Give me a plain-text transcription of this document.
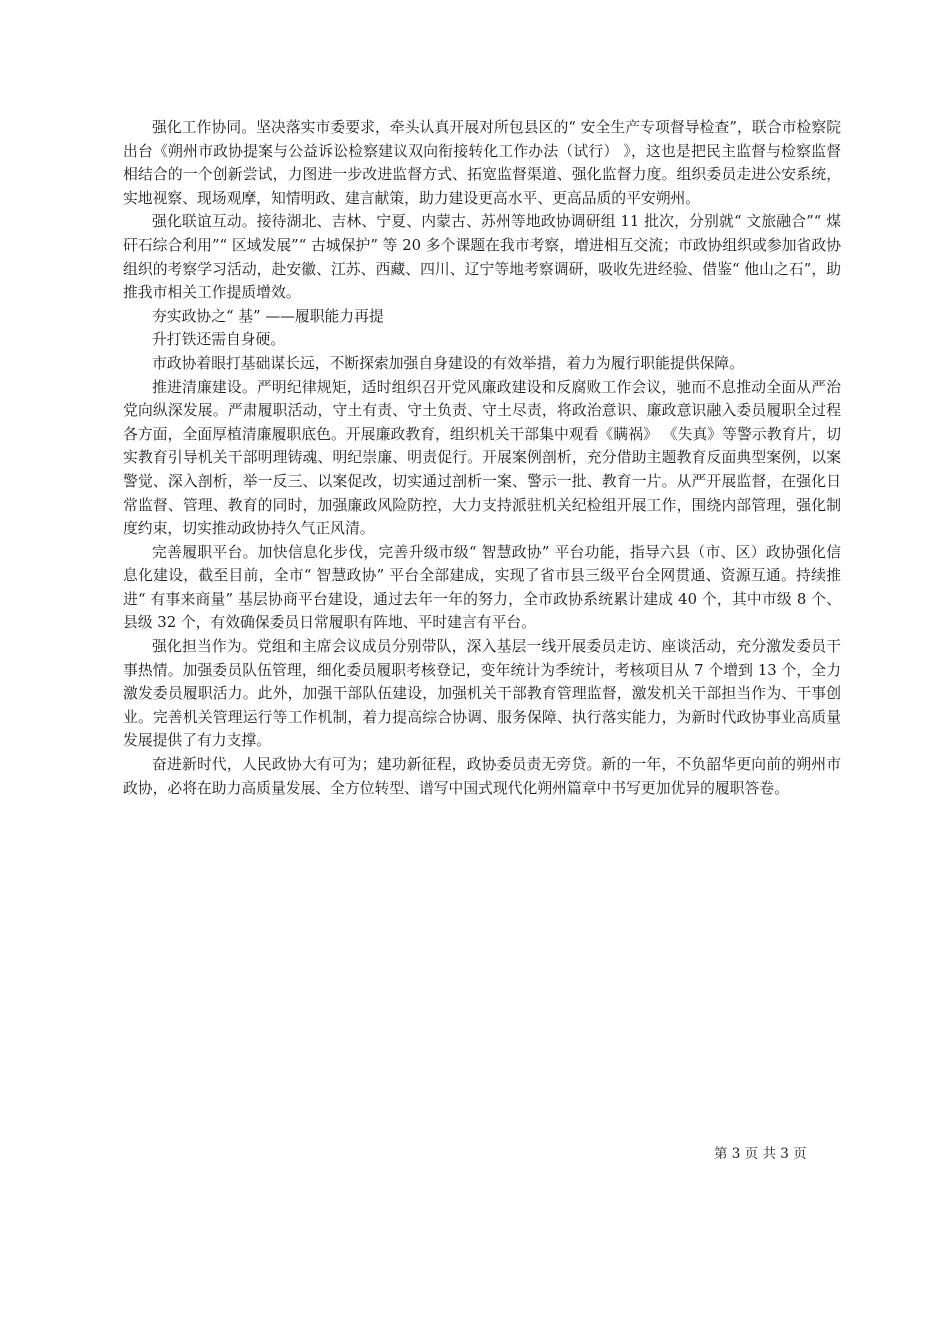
强化工作协同。坚决落实市委要求，牵头认真开展对所包县区的“ 安全生产专项督导检查”，联合市检察院出台《朔州市政协提案与公益诉讼检察建议双向衔接转化工作办法（试行） 》，这也是把民主监督与检察监督相结合的一个创新尝试，力图进一步改进监督方式、拓宽监督渠道、强化监督力度。组织委员走进公安系统，实地视察、现场观摩，知情明政、建言献策，助力建设更高水平、更高品质的平安朔州。

强化联谊互动。接待湖北、吉林、宁夏、内蒙古、苏州等地政协调研组 11 批次，分别就“ 文旅融合”“ 煤矸石综合利用”“ 区域发展”“ 古城保护” 等 20 多个课题在我市考察，增进相互交流；市政协组织或参加省政协组织的考察学习活动，赴安徽、江苏、西藏、四川、辽宁等地考察调研，吸收先进经验、借鉴“ 他山之石”，助推我市相关工作提质增效。

夯实政协之“ 基” ——履职能力再提

升打铁还需自身硬。

市政协着眼打基础谋长远，不断探索加强自身建设的有效举措，着力为履行职能提供保障。

推进清廉建设。严明纪律规矩，适时组织召开党风廉政建设和反腐败工作会议，驰而不息推动全面从严治党向纵深发展。严肃履职活动，守土有责、守土负责、守土尽责，将政治意识、廉政意识融入委员履职全过程各方面，全面厚植清廉履职底色。开展廉政教育，组织机关干部集中观看《瞒祸》 《失真》等警示教育片，切实教育引导机关干部明理铸魂、明纪崇廉、明责促行。开展案例剖析，充分借助主题教育反面典型案例，以案警觉、深入剖析，举一反三、以案促改，切实通过剖析一案、警示一批、教育一片。从严开展监督，在强化日常监督、管理、教育的同时，加强廉政风险防控，大力支持派驻机关纪检组开展工作，围绕内部管理，强化制度约束，切实推动政协持久气正风清。

完善履职平台。加快信息化步伐，完善升级市级“ 智慧政协” 平台功能，指导六县（市、区）政协强化信息化建设，截至目前，全市“ 智慧政协” 平台全部建成，实现了省市县三级平台全网贯通、资源互通。持续推进“ 有事来商量” 基层协商平台建设，通过去年一年的努力，全市政协系统累计建成 40 个，其中市级 8 个、县级 32 个，有效确保委员日常履职有阵地、平时建言有平台。

强化担当作为。党组和主席会议成员分别带队，深入基层一线开展委员走访、座谈活动，充分激发委员干事热情。加强委员队伍管理，细化委员履职考核登记，变年统计为季统计，考核项目从 7 个增到 13 个，全力激发委员履职活力。此外，加强干部队伍建设，加强机关干部教育管理监督，激发机关干部担当作为、干事创业。完善机关管理运行等工作机制，着力提高综合协调、服务保障、执行落实能力，为新时代政协事业高质量发展提供了有力支撑。

奋进新时代，人民政协大有可为；建功新征程，政协委员责无旁贷。新的一年，不负韶华更向前的朔州市政协，必将在助力高质量发展、全方位转型、谱写中国式现代化朔州篇章中书写更加优异的履职答卷。

第 3 页 共 3 页
